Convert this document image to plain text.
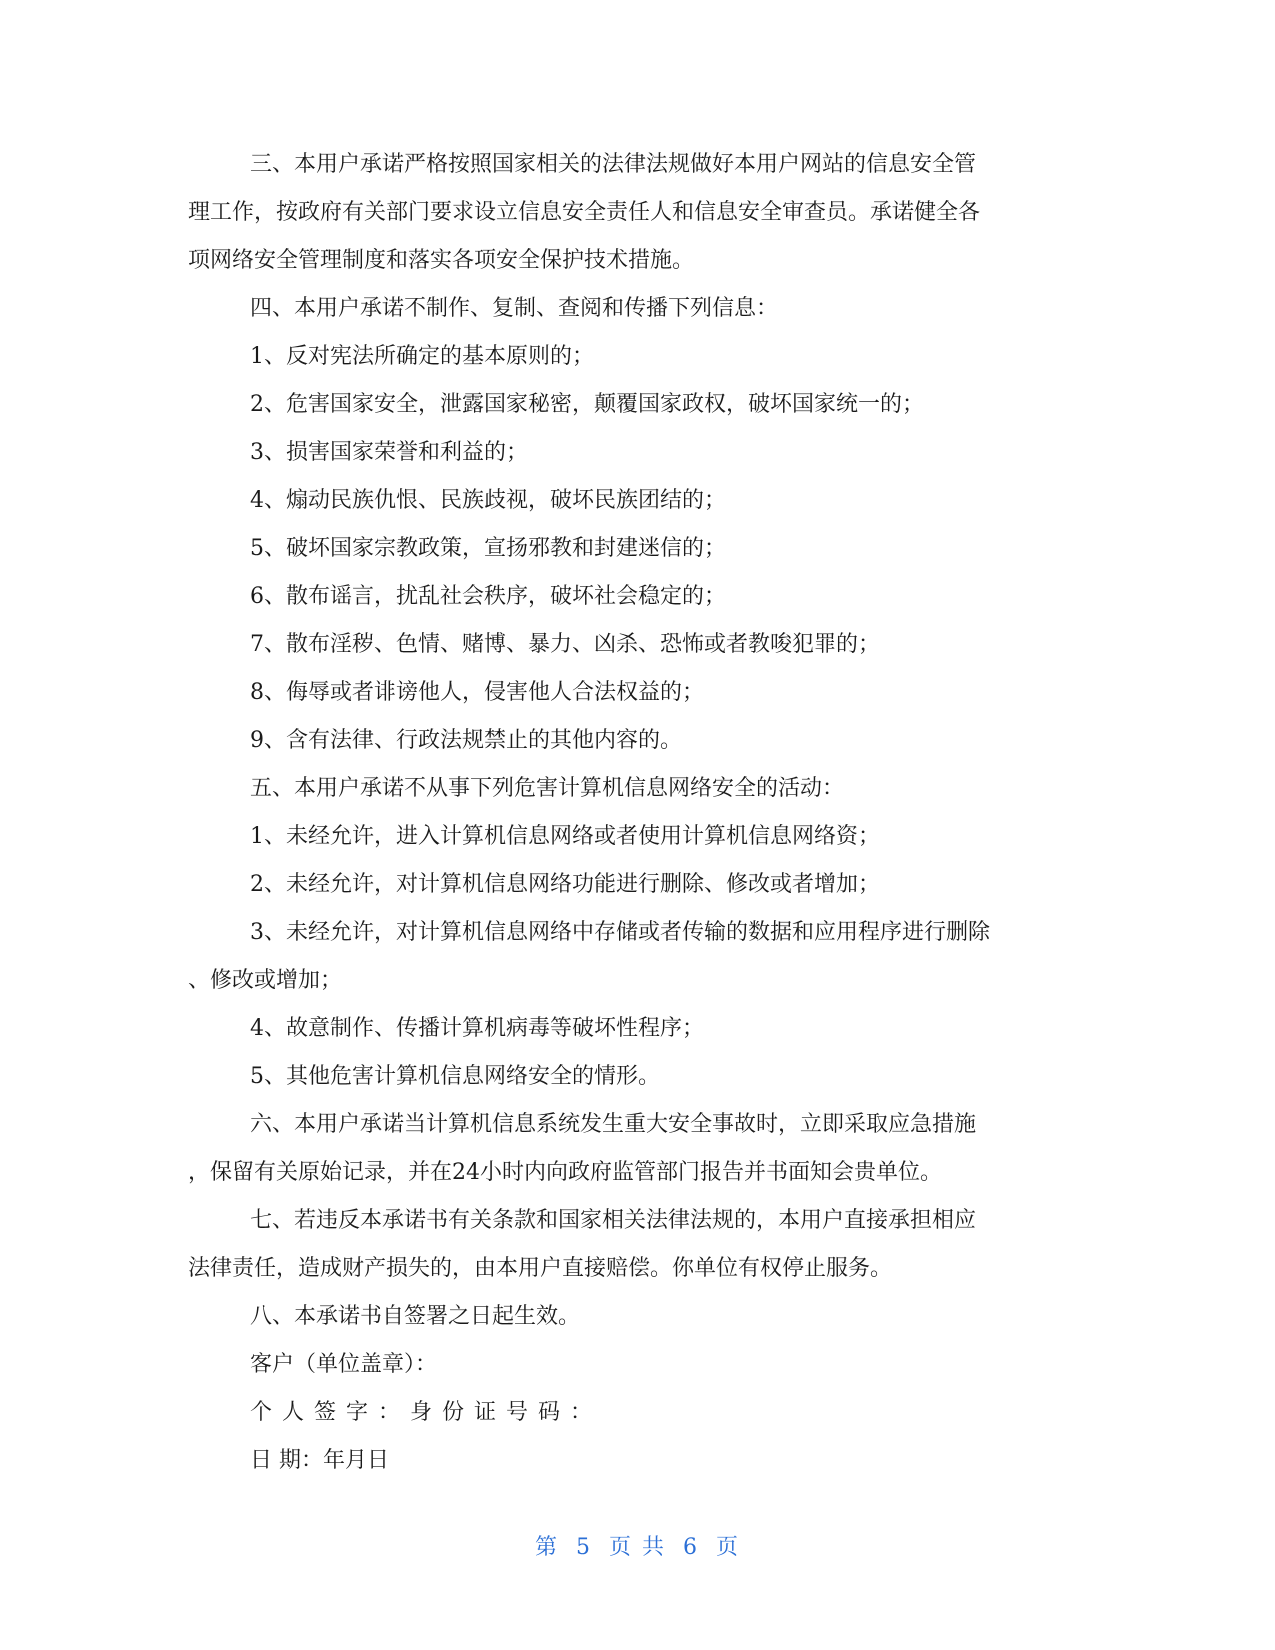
三、本用户承诺严格按照国家相关的法律法规做好本用户网站的信息安全管
理工作，按政府有关部门要求设立信息安全责任人和信息安全审查员。承诺健全各
项网络安全管理制度和落实各项安全保护技术措施。
四、本用户承诺不制作、复制、查阅和传播下列信息：
1、反对宪法所确定的基本原则的；
2、危害国家安全，泄露国家秘密，颠覆国家政权，破坏国家统一的；
3、损害国家荣誉和利益的；
4、煽动民族仇恨、民族歧视，破坏民族团结的；
5、破坏国家宗教政策，宣扬邪教和封建迷信的；
6、散布谣言，扰乱社会秩序，破坏社会稳定的；
7、散布淫秽、色情、赌博、暴力、凶杀、恐怖或者教唆犯罪的；
8、侮辱或者诽谤他人，侵害他人合法权益的；
9、含有法律、行政法规禁止的其他内容的。
五、本用户承诺不从事下列危害计算机信息网络安全的活动：
1、未经允许，进入计算机信息网络或者使用计算机信息网络资；
2、未经允许，对计算机信息网络功能进行删除、修改或者增加；
3、未经允许，对计算机信息网络中存储或者传输的数据和应用程序进行删除
、修改或增加；
4、故意制作、传播计算机病毒等破坏性程序；
5、其他危害计算机信息网络安全的情形。
六、本用户承诺当计算机信息系统发生重大安全事故时，立即采取应急措施
，保留有关原始记录，并在24小时内向政府监管部门报告并书面知会贵单位。
七、若违反本承诺书有关条款和国家相关法律法规的，本用户直接承担相应
法律责任，造成财产损失的，由本用户直接赔偿。你单位有权停止服务。
八、本承诺书自签署之日起生效。
客户（单位盖章）：
个人签字：身份证号码：
日 期：年月日
第 5 页 共 6 页
